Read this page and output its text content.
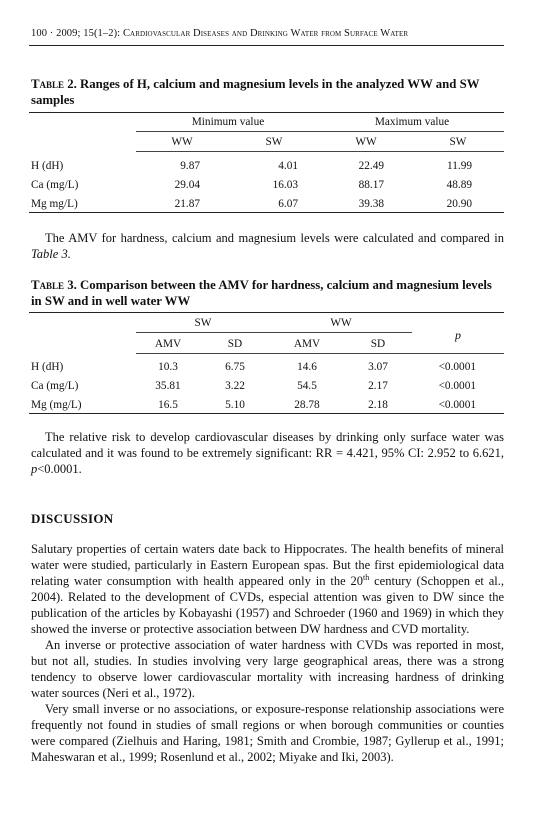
100 · 2009; 15(1–2): Cardiovascular Diseases and Drinking Water from Surface Water
Table 2. Ranges of H, calcium and magnesium levels in the analyzed WW and SW samples
Minimum value	Maximum value
WW	SW	WW	SW
H (dH)	9.87	4.01	22.49	11.99
Ca (mg/L)	29.04	16.03	88.17	48.89
Mg mg/L)	21.87	6.07	39.38	20.90

The AMV for hardness, calcium and magnesium levels were calculated and compared in Table 3.

Table 3. Comparison between the AMV for hardness, calcium and magnesium levels in SW and in well water WW
SW	WW
p
AMV	SD	AMV	SD
H (dH)	10.3	6.75	14.6	3.07	<0.0001
Ca (mg/L)	35.81	3.22	54.5	2.17	<0.0001
Mg (mg/L)	16.5	5.10	28.78	2.18	<0.0001

The relative risk to develop cardiovascular diseases by drinking only surface water was calculated and it was found to be extremely significant: RR = 4.421, 95% CI: 2.952 to 6.621, p<0.0001.

DISCUSSION

Salutary properties of certain waters date back to Hippocrates. The health benefits of mineral water were studied, particularly in Eastern European spas. But the first epidemiological data relating water consumption with health appeared only in the 20th century (Schoppen et al., 2004). Related to the development of CVDs, especial attention was given to DW since the publication of the articles by Kobayashi (1957) and Schroeder (1960 and 1969) in which they showed the inverse or protective association between DW hardness and CVD mortality.

An inverse or protective association of water hardness with CVDs was reported in most, but not all, studies. In studies involving very large geographical areas, there was a strong tendency to observe lower cardiovascular mortality with increasing hardness of drinking water sources (Neri et al., 1972).

Very small inverse or no associations, or exposure-response relationship associations were frequently not found in studies of small regions or when borough communities or counties were compared (Zielhuis and Haring, 1981; Smith and Crombie, 1987; Gyllerup et al., 1991; Maheswaran et al., 1999; Rosenlund et al., 2002; Miyake and Iki, 2003).
